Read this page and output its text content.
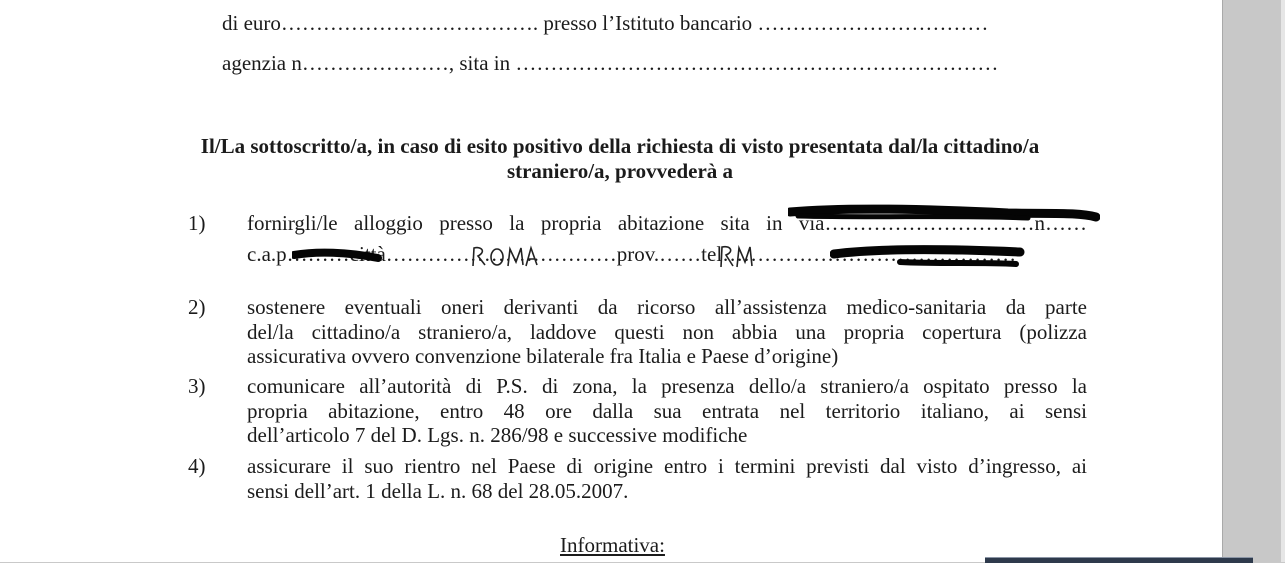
di euro………………………………. presso l’Istituto bancario ……………………………
agenzia n…………………, sita in ……………………………………………………………
Il/La sottoscritto/a, in caso di esito positivo della richiesta di visto presentata dal/la cittadino/a
straniero/a, provvederà a
1) fornirgli/le alloggio presso la propria abitazione sita in via…………………………n……
c.a.p………città……………………………prov.……tel……………………………………
2) sostenere eventuali oneri derivanti da ricorso all’assistenza medico-sanitaria da parte
del/la cittadino/a straniero/a, laddove questi non abbia una propria copertura (polizza
assicurativa ovvero convenzione bilaterale fra Italia e Paese d’origine)
3) comunicare all’autorità di P.S. di zona, la presenza dello/a straniero/a ospitato presso la
propria abitazione, entro 48 ore dalla sua entrata nel territorio italiano, ai sensi
dell’articolo 7 del D. Lgs. n. 286/98 e successive modifiche
4) assicurare il suo rientro nel Paese di origine entro i termini previsti dal visto d’ingresso, ai
sensi dell’art. 1 della L. n. 68 del 28.05.2007.
Informativa:
